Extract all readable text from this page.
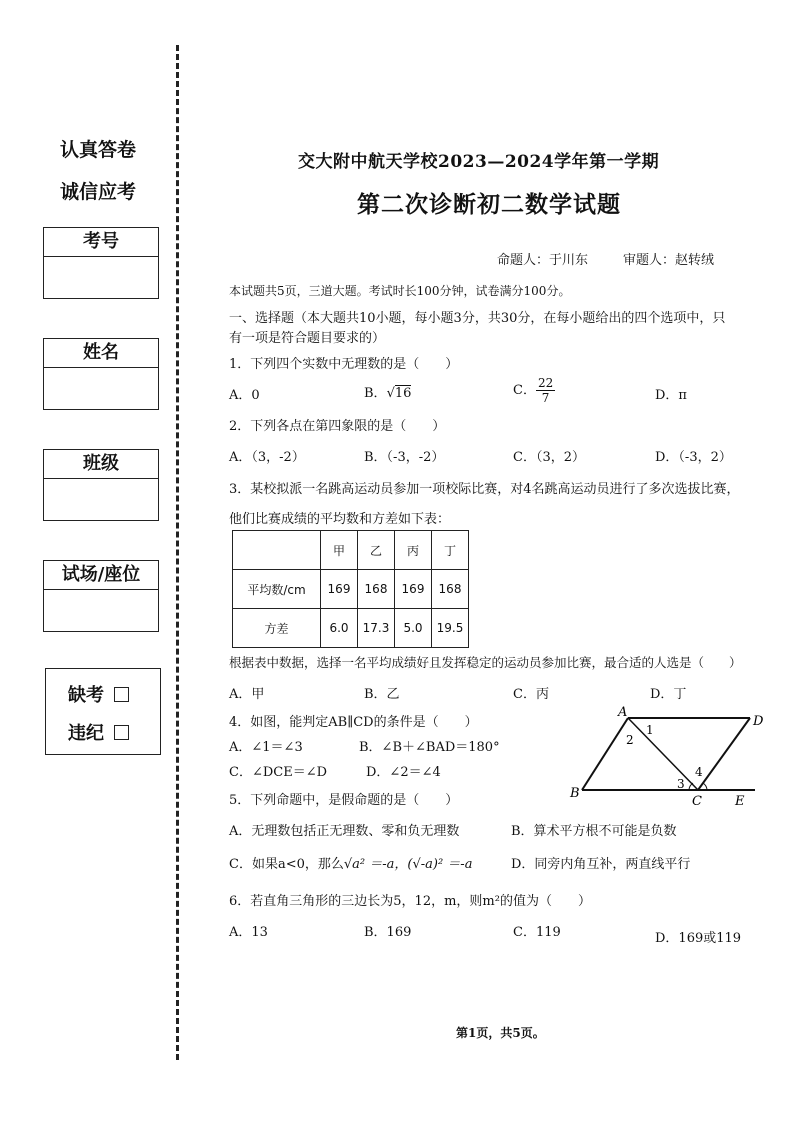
认真答卷
诚信应考
考号
姓名
班级
试场/座位
缺考
违纪
交大附中航天学校2023—2024学年第一学期
第二次诊断初二数学试题
命题人：于川东	审题人：赵转绒
本试题共5页，三道大题。考试时长100分钟，试卷满分100分。
一、选择题（本大题共10小题，每小题3分，共30分，在每小题给出的四个选项中，只
有一项是符合题目要求的）
1．下列四个实数中无理数的是（　　）
A．0	B．√16	C． $\frac{22}{7}$	D．π
2．下列各点在第四象限的是（　　）
A．（3，-2）	B．（-3，-2）	C．（3，2）	D．（-3，2）
3．某校拟派一名跳高运动员参加一项校际比赛，对4名跳高运动员进行了多次选拔比赛，
他们比赛成绩的平均数和方差如下表：
	甲	乙	丙	丁
平均数/cm	169	168	169	168
方差	6.0	17.3	5.0	19.5
根据表中数据，选择一名平均成绩好且发挥稳定的运动员参加比赛，最合适的人选是（　　）
A．甲	B．乙	C．丙	D．丁
4．如图，能判定AB∥CD的条件是（　　）
A．∠1＝∠3	B．∠B＋∠BAD＝180°
C．∠DCE＝∠D	D．∠2＝∠4
A
B
C
D
E
1
2
3
4
5．下列命题中，是假命题的是（　　）
A．无理数包括正无理数、零和负无理数	B．算术平方根不可能是负数
C．如果a<0，那么√a² ＝-a，(√-a)² ＝-a	D．同旁内角互补，两直线平行
6．若直角三角形的三边长为5，12，m，则m²的值为（　　）
A．13	B．169	C．119	D．169或119
第1页，共5页。
